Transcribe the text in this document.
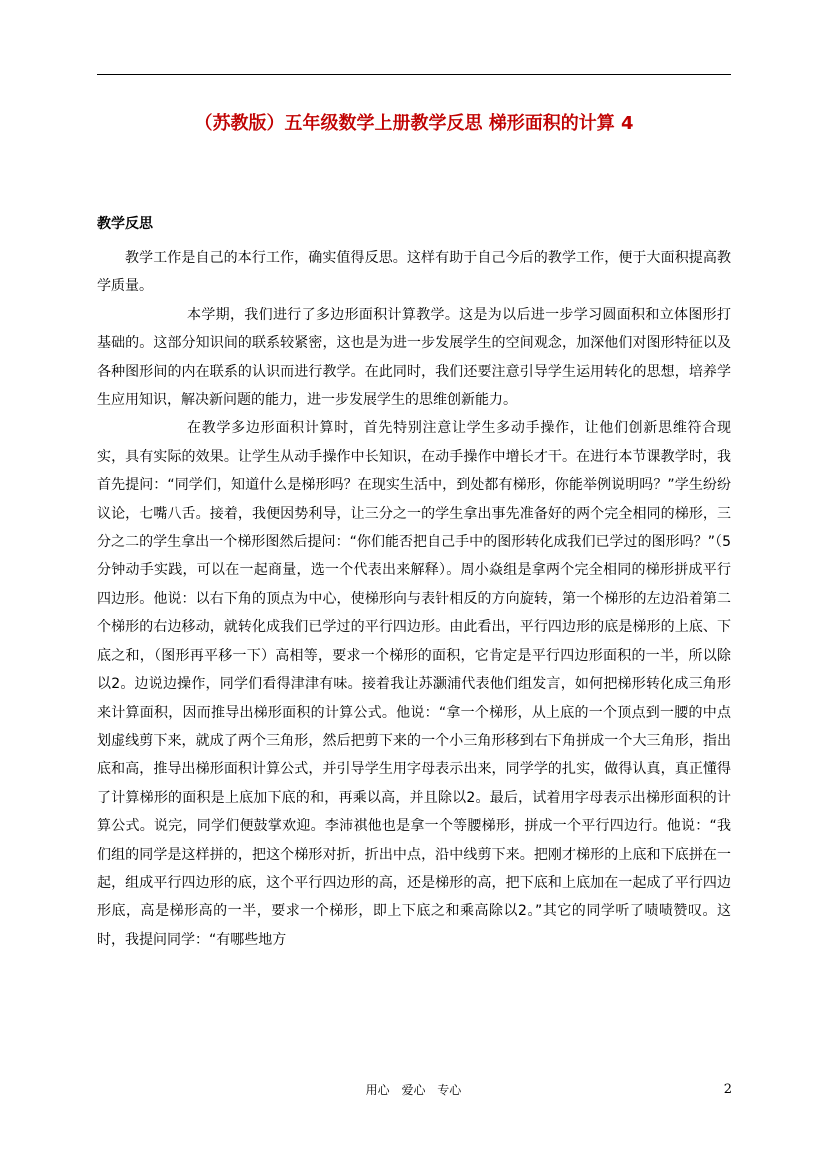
（苏教版）五年级数学上册教学反思 梯形面积的计算 4
教学反思

教学工作是自己的本行工作，确实值得反思。这样有助于自己今后的教学工作，便于大面积提高教学质量。

本学期，我们进行了多边形面积计算教学。这是为以后进一步学习圆面积和立体图形打基础的。这部分知识间的联系较紧密，这也是为进一步发展学生的空间观念，加深他们对图形特征以及各种图形间的内在联系的认识而进行教学。在此同时，我们还要注意引导学生运用转化的思想，培养学生应用知识，解决新问题的能力，进一步发展学生的思维创新能力。

在教学多边形面积计算时，首先特别注意让学生多动手操作，让他们创新思维符合现实，具有实际的效果。让学生从动手操作中长知识，在动手操作中增长才干。在进行本节课教学时，我首先提问：“同学们，知道什么是梯形吗？在现实生活中，到处都有梯形，你能举例说明吗？”学生纷纷议论，七嘴八舌。接着，我便因势利导，让三分之一的学生拿出事先准备好的两个完全相同的梯形，三分之二的学生拿出一个梯形图然后提问：“你们能否把自己手中的图形转化成我们已学过的图形吗？”（5分钟动手实践，可以在一起商量，选一个代表出来解释）。周小焱组是拿两个完全相同的梯形拼成平行四边形。他说：以右下角的顶点为中心，使梯形向与表针相反的方向旋转，第一个梯形的左边沿着第二个梯形的右边移动，就转化成我们已学过的平行四边形。由此看出，平行四边形的底是梯形的上底、下底之和，（图形再平移一下）高相等，要求一个梯形的面积，它肯定是平行四边形面积的一半，所以除以2。边说边操作，同学们看得津津有味。接着我让苏灏浦代表他们组发言，如何把梯形转化成三角形来计算面积，因而推导出梯形面积的计算公式。他说：“拿一个梯形，从上底的一个顶点到一腰的中点划虚线剪下来，就成了两个三角形，然后把剪下来的一个小三角形移到右下角拼成一个大三角形，指出底和高，推导出梯形面积计算公式，并引导学生用字母表示出来，同学学的扎实，做得认真，真正懂得了计算梯形的面积是上底加下底的和，再乘以高，并且除以2。最后，试着用字母表示出梯形面积的计算公式。说完，同学们便鼓掌欢迎。李沛祺他也是拿一个等腰梯形，拼成一个平行四边行。他说：“我们组的同学是这样拼的，把这个梯形对折，折出中点，沿中线剪下来。把刚才梯形的上底和下底拼在一起，组成平行四边形的底，这个平行四边形的高，还是梯形的高，把下底和上底加在一起成了平行四边形底，高是梯形高的一半，要求一个梯形，即上下底之和乘高除以2。”其它的同学听了啧啧赞叹。这时，我提问同学：“有哪些地方

用心 爱心 专心	2
